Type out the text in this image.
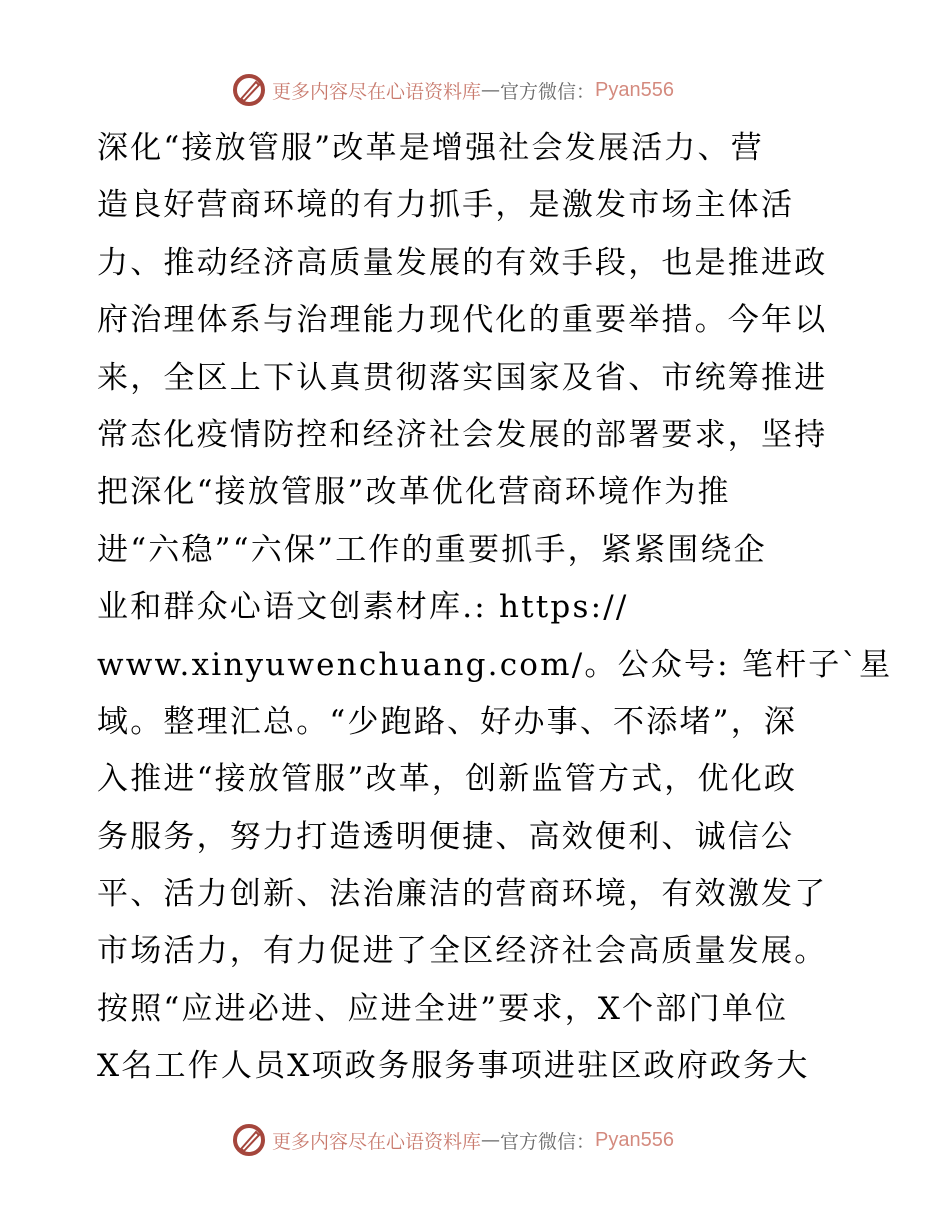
更多内容尽在心语资料库 — 官方微信： Pyan556
深化“接放管服”改革是增强社会发展活力、营
造良好营商环境的有力抓手，是激发市场主体活
力、推动经济高质量发展的有效手段，也是推进政
府治理体系与治理能力现代化的重要举措。今年以
来，全区上下认真贯彻落实国家及省、市统筹推进
常态化疫情防控和经济社会发展的部署要求，坚持
把深化“接放管服”改革优化营商环境作为推
进“六稳”“六保”工作的重要抓手，紧紧围绕企
业和群众心语文创素材库.: https://
www.xinyuwenchuang.com/。公众号: 笔杆子`星
域。整理汇总。“少跑路、好办事、不添堵”，深
入推进“接放管服”改革，创新监管方式，优化政
务服务，努力打造透明便捷、高效便利、诚信公
平、活力创新、法治廉洁的营商环境，有效激发了
市场活力，有力促进了全区经济社会高质量发展。
按照“应进必进、应进全进”要求，X个部门单位
X名工作人员X项政务服务事项进驻区政府政务大
更多内容尽在心语资料库 — 官方微信： Pyan556
